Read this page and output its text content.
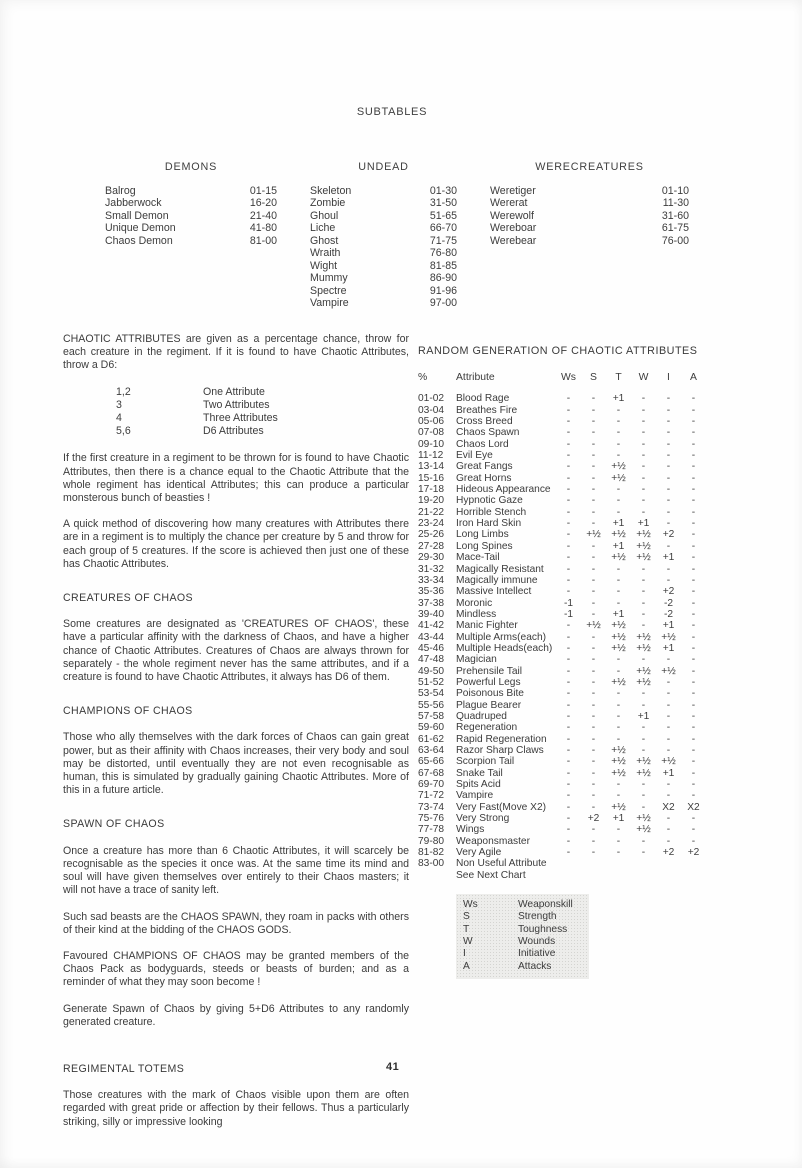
SUBTABLES
DEMONS
Balrog	01-15
Jabberwock	16-20
Small Demon	21-40
Unique Demon	41-80
Chaos Demon	81-00
UNDEAD
Skeleton	01-30
Zombie	31-50
Ghoul	51-65
Liche	66-70
Ghost	71-75
Wraith	76-80
Wight	81-85
Mummy	86-90
Spectre	91-96
Vampire	97-00
WERECREATURES
Weretiger	01-10
Wererat	11-30
Werewolf	31-60
Wereboar	61-75
Werebear	76-00

CHAOTIC ATTRIBUTES are given as a percentage chance, throw for each creature in the regiment. If it is found to have Chaotic Attributes, throw a D6:

1,2	One Attribute
3	Two Attributes
4	Three Attributes
5,6	D6 Attributes

If the first creature in a regiment to be thrown for is found to have Chaotic Attributes, then there is a chance equal to the Chaotic Attribute that the whole regiment has identical Attributes; this can produce a particular monsterous bunch of beasties !

A quick method of discovering how many creatures with Attributes there are in a regiment is to multiply the chance per creature by 5 and throw for each group of 5 creatures. If the score is achieved then just one of these has Chaotic Attributes.

CREATURES OF CHAOS

Some creatures are designated as 'CREATURES OF CHAOS', these have a particular affinity with the darkness of Chaos, and have a higher chance of Chaotic Attributes. Creatures of Chaos are always thrown for separately - the whole regiment never has the same attributes, and if a creature is found to have Chaotic Attributes, it always has D6 of them.

CHAMPIONS OF CHAOS

Those who ally themselves with the dark forces of Chaos can gain great power, but as their affinity with Chaos increases, their very body and soul may be distorted, until eventually they are not even recognisable as human, this is simulated by gradually gaining Chaotic Attributes. More of this in a future article.

SPAWN OF CHAOS

Once a creature has more than 6 Chaotic Attributes, it will scarcely be recognisable as the species it once was. At the same time its mind and soul will have given themselves over entirely to their Chaos masters; it will not have a trace of sanity left.

Such sad beasts are the CHAOS SPAWN, they roam in packs with others of their kind at the bidding of the CHAOS GODS.

Favoured CHAMPIONS OF CHAOS may be granted members of the Chaos Pack as bodyguards, steeds or beasts of burden; and as a reminder of what they may soon become !

Generate Spawn of Chaos by giving 5+D6 Attributes to any randomly generated creature.

REGIMENTAL TOTEMS

Those creatures with the mark of Chaos visible upon them are often regarded with great pride or affection by their fellows. Thus a particularly striking, silly or impressive looking

RANDOM GENERATION OF CHAOTIC ATTRIBUTES
%	Attribute	Ws	S	T	W	I	A
01-02	Blood Rage	-	-	+1	-	-	-
03-04	Breathes Fire	-	-	-	-	-	-
05-06	Cross Breed	-	-	-	-	-	-
07-08	Chaos Spawn	-	-	-	-	-	-
09-10	Chaos Lord	-	-	-	-	-	-
11-12	Evil Eye	-	-	-	-	-	-
13-14	Great Fangs	-	-	+½	-	-	-
15-16	Great Horns	-	-	+½	-	-	-
17-18	Hideous Appearance	-	-	-	-	-	-
19-20	Hypnotic Gaze	-	-	-	-	-	-
21-22	Horrible Stench	-	-	-	-	-	-
23-24	Iron Hard Skin	-	-	+1	+1	-	-
25-26	Long Limbs	-	+½	+½	+½	+2	-
27-28	Long Spines	-	-	+1	+½	-	-
29-30	Mace-Tail	-	-	+½	+½	+1	-
31-32	Magically Resistant	-	-	-	-	-	-
33-34	Magically immune	-	-	-	-	-	-
35-36	Massive Intellect	-	-	-	-	+2	-
37-38	Moronic	-1	-	-	-	-2	-
39-40	Mindless	-1	-	+1	-	-2	-
41-42	Manic Fighter	-	+½	+½	-	+1	-
43-44	Multiple Arms(each)	-	-	+½	+½	+½	-
45-46	Multiple Heads(each)	-	-	+½	+½	+1	-
47-48	Magician	-	-	-	-	-	-
49-50	Prehensile Tail	-	-	-	+½	+½	-
51-52	Powerful Legs	-	-	+½	+½	-	-
53-54	Poisonous Bite	-	-	-	-	-	-
55-56	Plague Bearer	-	-	-	-	-	-
57-58	Quadruped	-	-	-	+1	-	-
59-60	Regeneration	-	-	-	-	-	-
61-62	Rapid Regeneration	-	-	-	-	-	-
63-64	Razor Sharp Claws	-	-	+½	-	-	-
65-66	Scorpion Tail	-	-	+½	+½	+½	-
67-68	Snake Tail	-	-	+½	+½	+1	-
69-70	Spits Acid	-	-	-	-	-	-
71-72	Vampire	-	-	-	-	-	-
73-74	Very Fast(Move X2)	-	-	+½	-	X2	X2
75-76	Very Strong	-	+2	+1	+½	-	-
77-78	Wings	-	-	-	+½	-	-
79-80	Weaponsmaster	-	-	-	-	-	-
81-82	Very Agile	-	-	-	-	+2	+2
83-00	Non Useful Attribute
See Next Chart
Ws	Weaponskill
S	Strength
T	Toughness
W	Wounds
I	Initiative
A	Attacks
41
